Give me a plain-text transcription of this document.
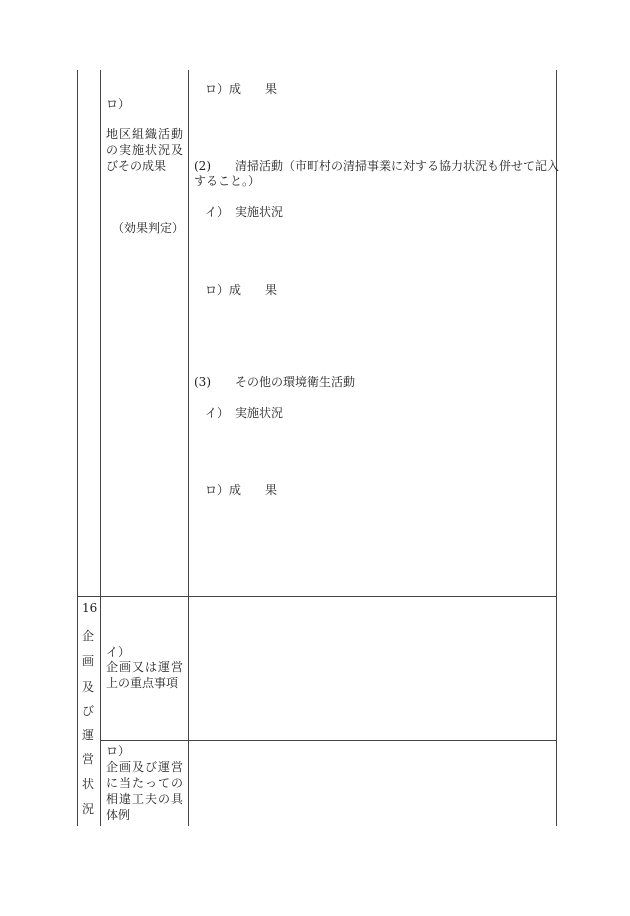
ロ）
地区組織活動
の実施状況及
びその成果
（効果判定）
ロ）成　　果
(2)　　清掃活動（市町村の清掃事業に対する協力状況も併せて記入
すること。）
イ）　実施状況
ロ）成　　果
(3)　　その他の環境衛生活動
イ）　実施状況
ロ）成　　果
16
企
画
及
び
運
営
状
況
イ）
企画又は運営
上の重点事項
ロ）
企画及び運営
に当たっての
相違工夫の具
体例
